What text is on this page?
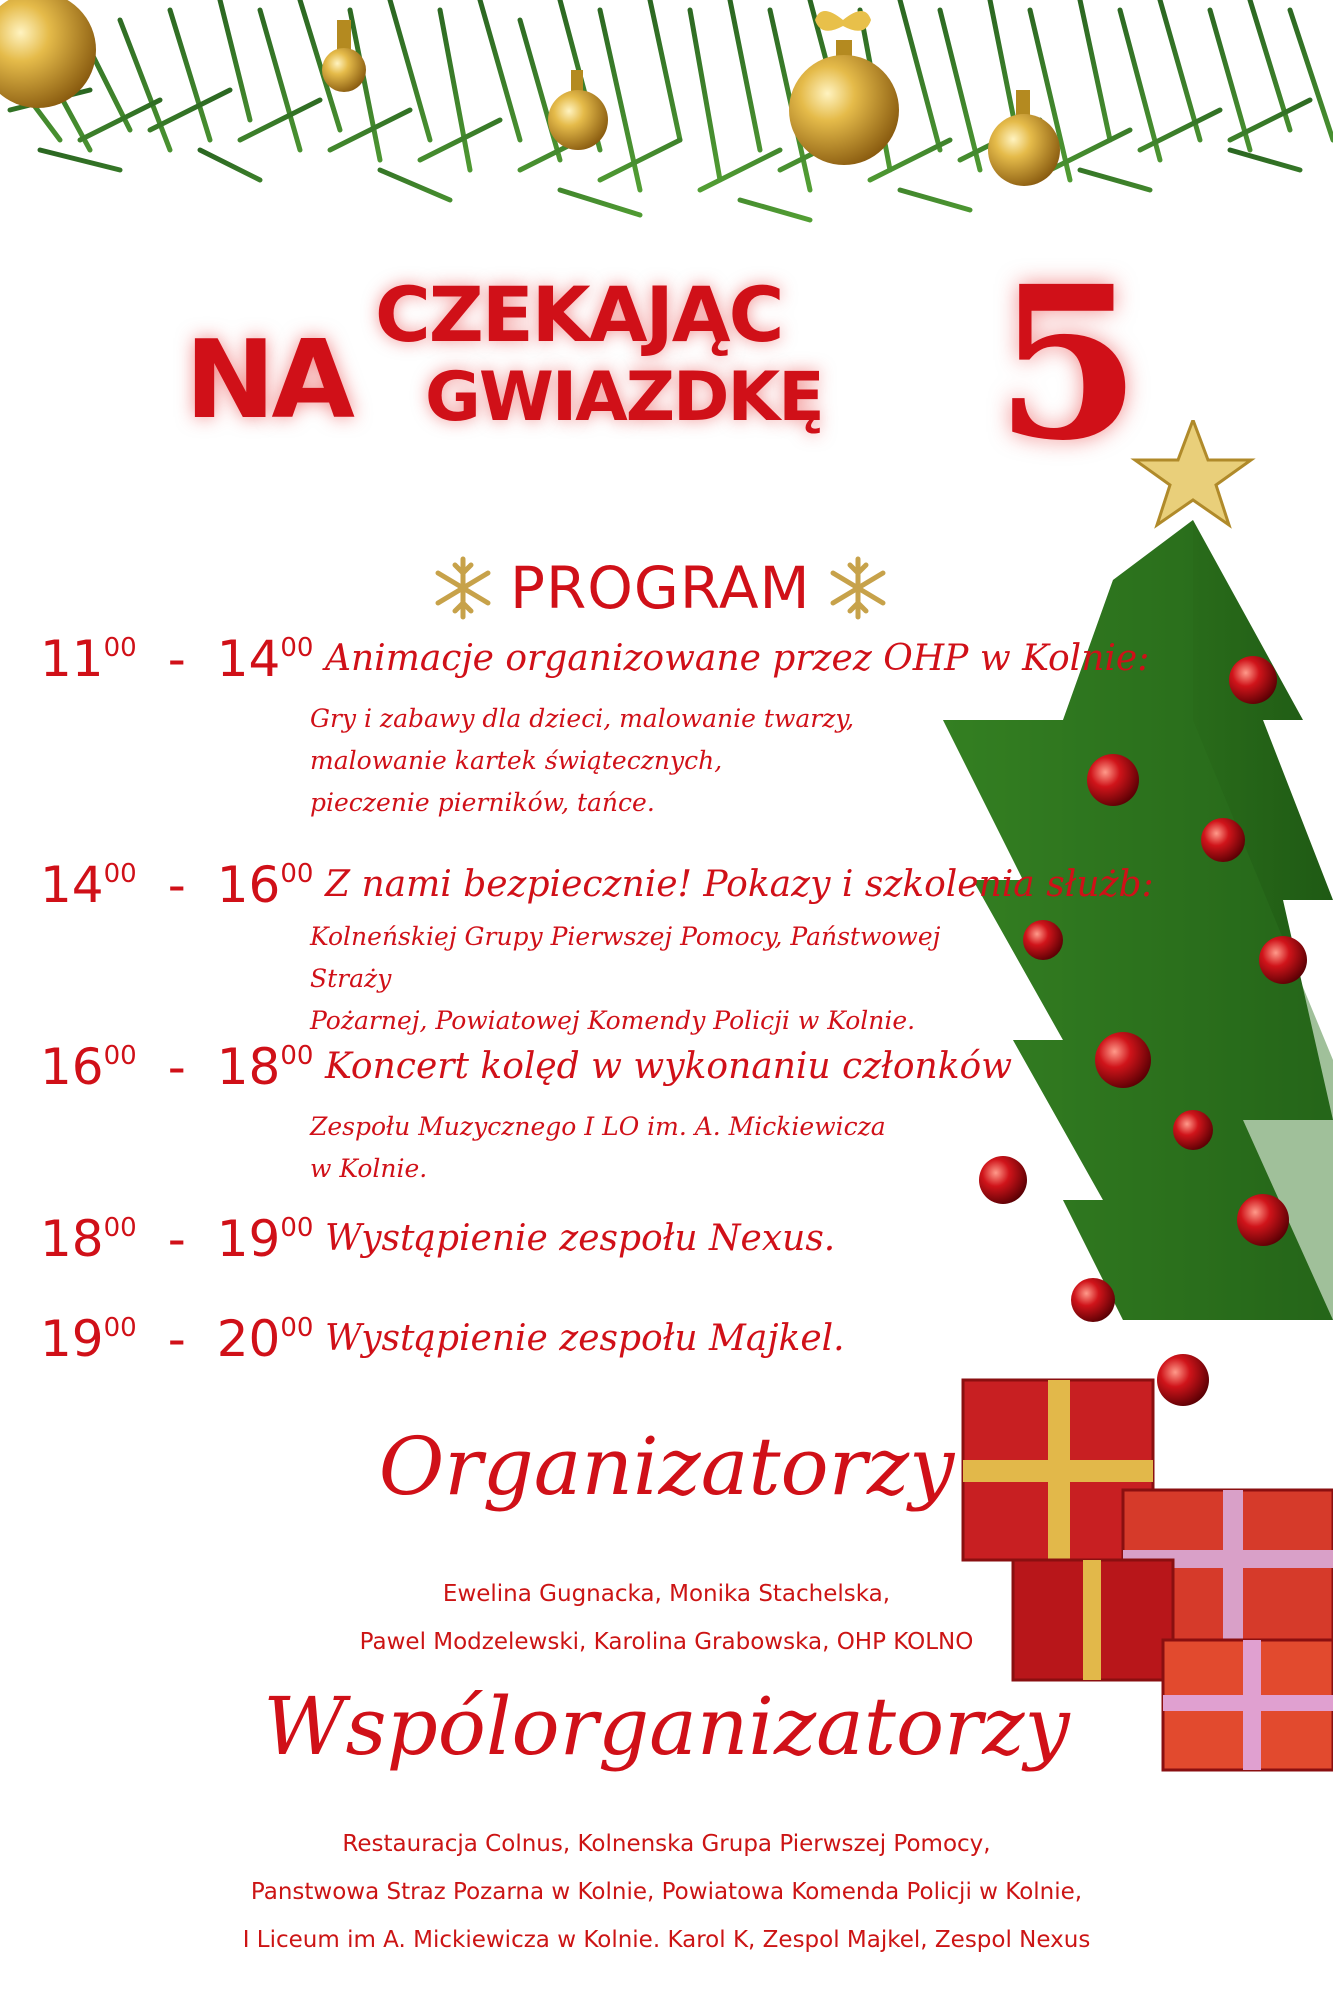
NA
CZEKAJĄC
GWIAZDKĘ 5
PROGRAM
$11^{00} - 14^{00}$ Animacje organizowane przez OHP w Kolnie:
Gry i zabawy dla dzieci, malowanie twarzy,
malowanie kartek świątecznych,
pieczenie pierników, tańce.
$14^{00} - 16^{00}$ Z nami bezpiecznie! Pokazy i szkolenia służb:
Kolneńskiej Grupy Pierwszej Pomocy, Państwowej Straży
Pożarnej, Powiatowej Komendy Policji w Kolnie.
$16^{00} - 18^{00}$ Koncert kolęd w wykonaniu członków
Zespołu Muzycznego I LO im. A. Mickiewicza
w Kolnie.
$18^{00} - 19^{00}$ Wystąpienie zespołu Nexus.
$19^{00} - 20^{00}$ Wystąpienie zespołu Majkel.
Organizatorzy
Ewelina Gugnacka, Monika Stachelska,
Pawel Modzelewski, Karolina Grabowska, OHP KOLNO
Wspólorganizatorzy
Restauracja Colnus, Kolnenska Grupa Pierwszej Pomocy,
Panstwowa Straz Pozarna w Kolnie, Powiatowa Komenda Policji w Kolnie,
I Liceum im A. Mickiewicza w Kolnie. Karol K, Zespol Majkel, Zespol Nexus
